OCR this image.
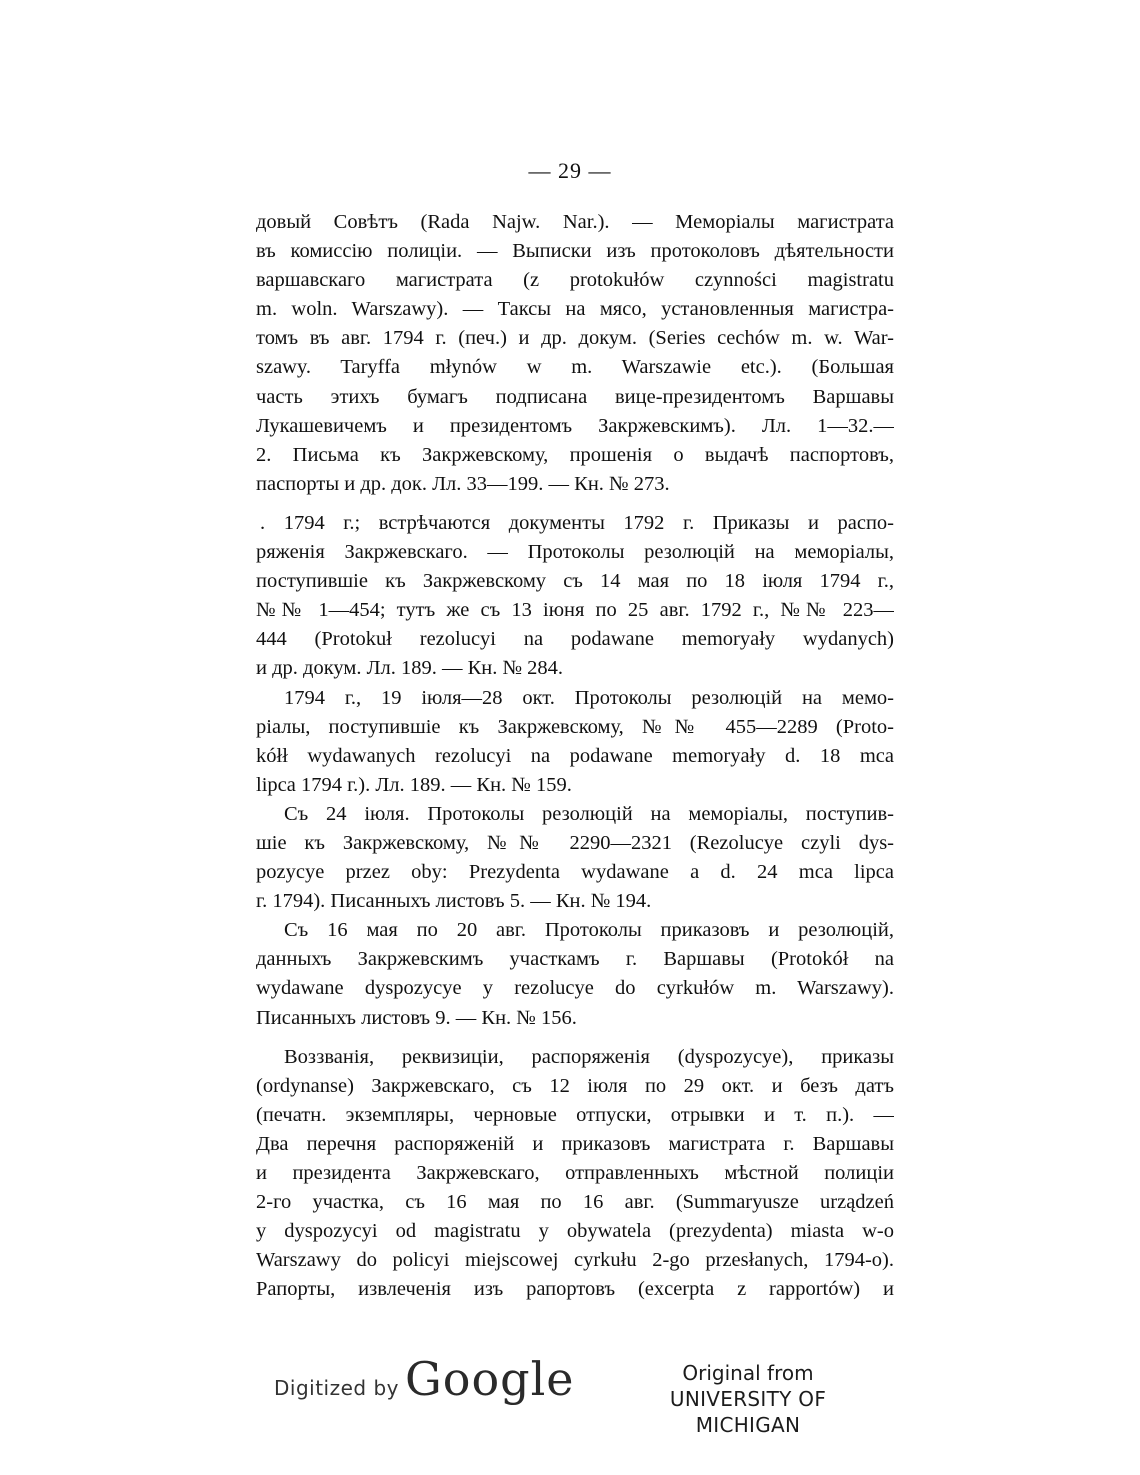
— 29 —
довый Совѣтъ (Rada Najw. Nar.). — Меморіалы магистрата
въ комиссію полиціи. — Выписки изъ протоколовъ дѣятельности
варшавскаго магистрата (z protokułów czynności magistratu
m. woln. Warszawy). — Таксы на мясо, установленныя магистра-
томъ въ авг. 1794 г. (печ.) и др. докум. (Series cechów m. w. War-
szawy. Taryffa młynów w m. Warszawie etc.). (Большая
часть этихъ бумагъ подписана вице-президентомъ Варшавы
Лукашевичемъ и президентомъ Закржевскимъ). Лл. 1—32.—
2. Письма къ Закржевскому, прошенія о выдачѣ паспортовъ,
паспорты и др. док. Лл. 33—199. — Кн. № 273.
. 1794 г.; встрѣчаются документы 1792 г. Приказы и распо-
ряженія Закржевскаго. — Протоколы резолюцій на меморіалы,
поступившіе къ Закржевскому съ 14 мая по 18 іюля 1794 г.,
№№ 1—454; тутъ же съ 13 іюня по 25 авг. 1792 г., №№ 223—
444 (Protokuł rezolucyi na podawane memoryały wydanych)
и др. докум. Лл. 189. — Кн. № 284.
1794 г., 19 іюля—28 окт. Протоколы резолюцій на мемо-
ріалы, поступившіе къ Закржевскому, №№ 455—2289 (Proto-
kółł wydawanych rezolucyi na podawane memoryały d. 18 mca
lipca 1794 г.). Лл. 189. — Кн. № 159.
Съ 24 іюля. Протоколы резолюцій на меморіалы, поступив-
шіе къ Закржевскому, №№ 2290—2321 (Rezolucye czyli dys-
pozycye przez oby: Prezydenta wydawane a d. 24 mca lipca
г. 1794). Писанныхъ листовъ 5. — Кн. № 194.
Съ 16 мая по 20 авг. Протоколы приказовъ и резолюцій,
данныхъ Закржевскимъ участкамъ г. Варшавы (Protokół na
wydawane dyspozycye y rezolucye do cyrkułów m. Warszawy).
Писанныхъ листовъ 9. — Кн. № 156.
Воззванія, реквизиціи, распоряженія (dyspozycye), приказы
(ordynanse) Закржевскаго, съ 12 іюля по 29 окт. и безъ датъ
(печатн. экземпляры, черновые отпуски, отрывки и т. п.). —
Два перечня распоряженій и приказовъ магистрата г. Варшавы
и президента Закржевскаго, отправленныхъ мѣстной полиціи
2-го участка, съ 16 мая по 16 авг. (Summaryusze urządzeń
y dyspozycyi od magistratu y obywatela (prezydenta) miasta w-o
Warszawy do policyi miejscowej cyrkułu 2-go przesłanych, 1794-o).
Рапорты, извлеченія изъ рапортовъ (excerpta z rapportów) и
Digitized by Google	Original from
UNIVERSITY OF MICHIGAN
